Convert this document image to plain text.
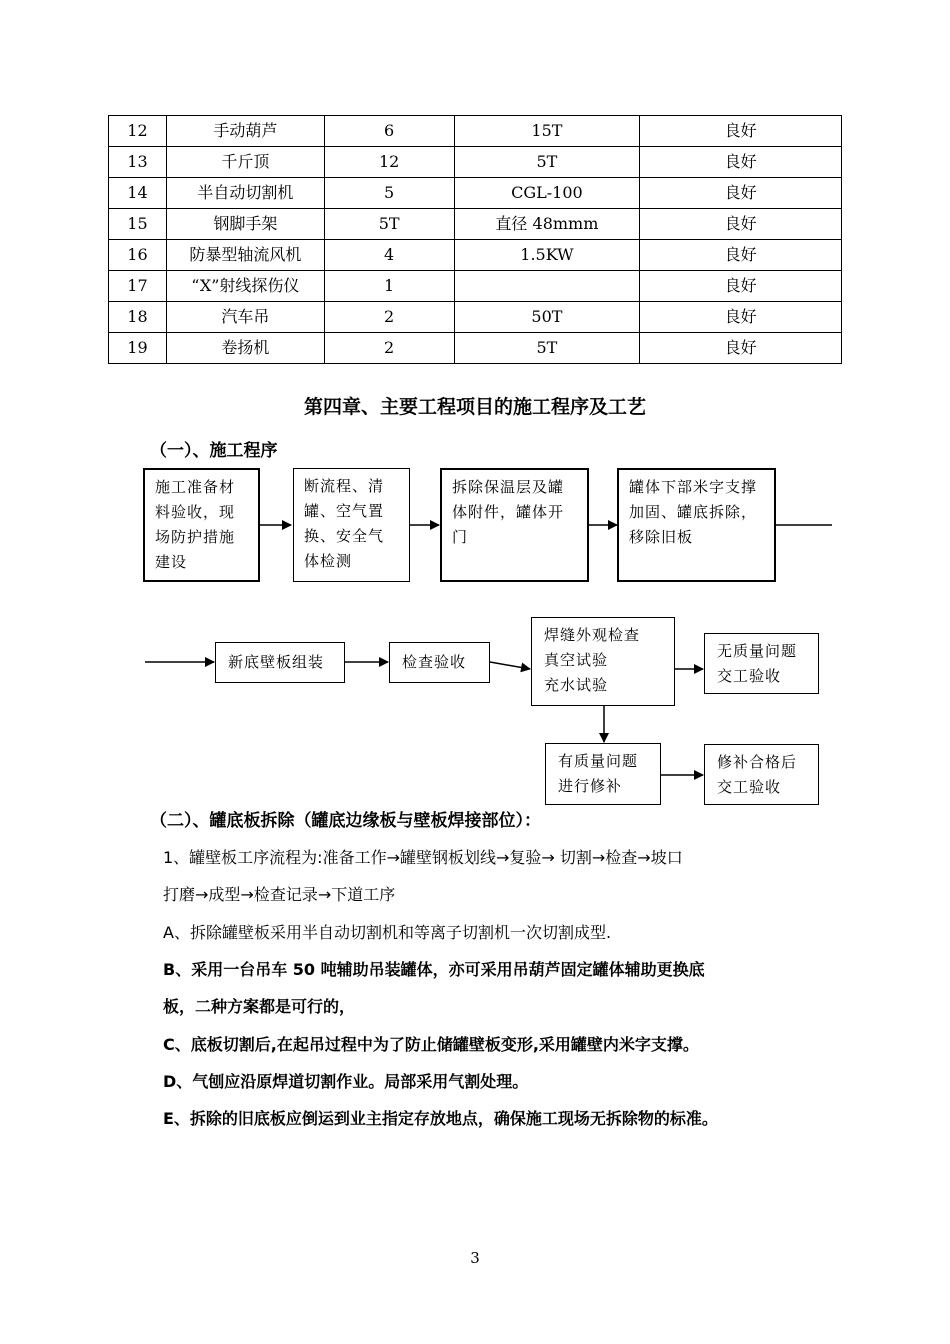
12	手动葫芦	6	15T	良好
13	千斤顶	12	5T	良好
14	半自动切割机	5	CGL-100	良好
15	钢脚手架	5T	直径 48mmm	良好
16	防暴型轴流风机	4	1.5KW	良好
17	“X”射线探伤仪	1		良好
18	汽车吊	2	50T	良好
19	卷扬机	2	5T	良好
第四章、主要工程项目的施工程序及工艺
（一）、施工程序
施工准备材料验收，现场防护措施建设
断流程、清罐、空气置换、安全气体检测
拆除保温层及罐体附件，罐体开门
罐体下部米字支撑加固、罐底拆除，移除旧板
新底壁板组装	检查验收
焊缝外观检查
真空试验
充水试验
无质量问题
交工验收
有质量问题
进行修补
修补合格后
交工验收
（二）、罐底板拆除（罐底边缘板与壁板焊接部位）：
1、罐壁板工序流程为:准备工作→罐壁钢板划线→复验→ 切割→检查→坡口
打磨→成型→检查记录→下道工序
A、拆除罐壁板采用半自动切割机和等离子切割机一次切割成型.
B、采用一台吊车 50 吨辅助吊装罐体，亦可采用吊葫芦固定罐体辅助更换底
板，二种方案都是可行的，
C、底板切割后,在起吊过程中为了防止储罐壁板变形,采用罐壁内米字支撑。
D、气刨应沿原焊道切割作业。局部采用气割处理。
E、拆除的旧底板应倒运到业主指定存放地点，确保施工现场无拆除物的标准。
3
